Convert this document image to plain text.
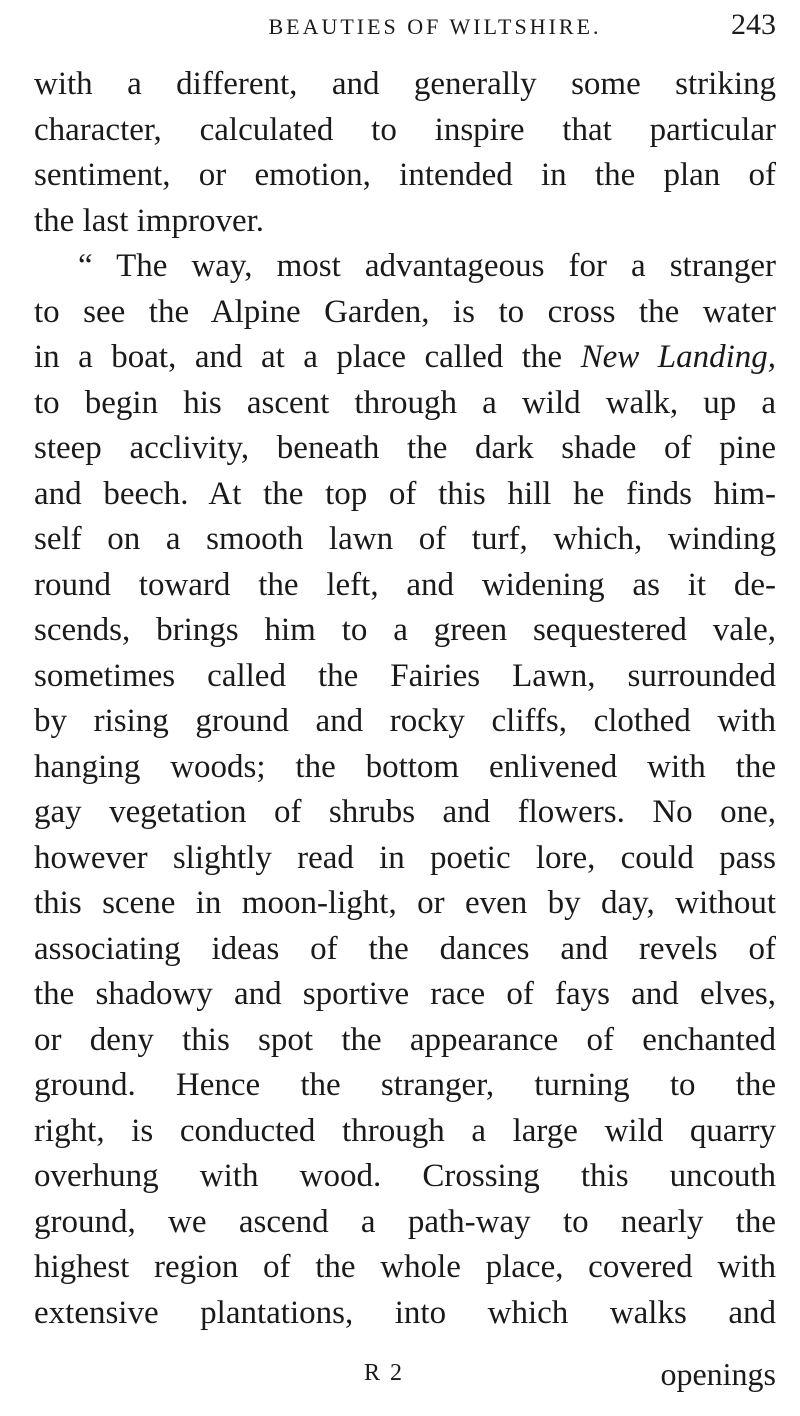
BEAUTIES OF WILTSHIRE.	243
with a different, and generally some striking
character, calculated to inspire that particular
sentiment, or emotion, intended in the plan of
the last improver.
“ The way, most advantageous for a stranger
to see the Alpine Garden, is to cross the water
in a boat, and at a place called the New Landing,
to begin his ascent through a wild walk, up a
steep acclivity, beneath the dark shade of pine
and beech. At the top of this hill he finds him-
self on a smooth lawn of turf, which, winding
round toward the left, and widening as it de-
scends, brings him to a green sequestered vale,
sometimes called the Fairies Lawn, surrounded
by rising ground and rocky cliffs, clothed with
hanging woods; the bottom enlivened with the
gay vegetation of shrubs and flowers. No one,
however slightly read in poetic lore, could pass
this scene in moon-light, or even by day, without
associating ideas of the dances and revels of
the shadowy and sportive race of fays and elves,
or deny this spot the appearance of enchanted
ground. Hence the stranger, turning to the
right, is conducted through a large wild quarry
overhung with wood. Crossing this uncouth
ground, we ascend a path-way to nearly the
highest region of the whole place, covered with
extensive plantations, into which walks and
R 2	openings
